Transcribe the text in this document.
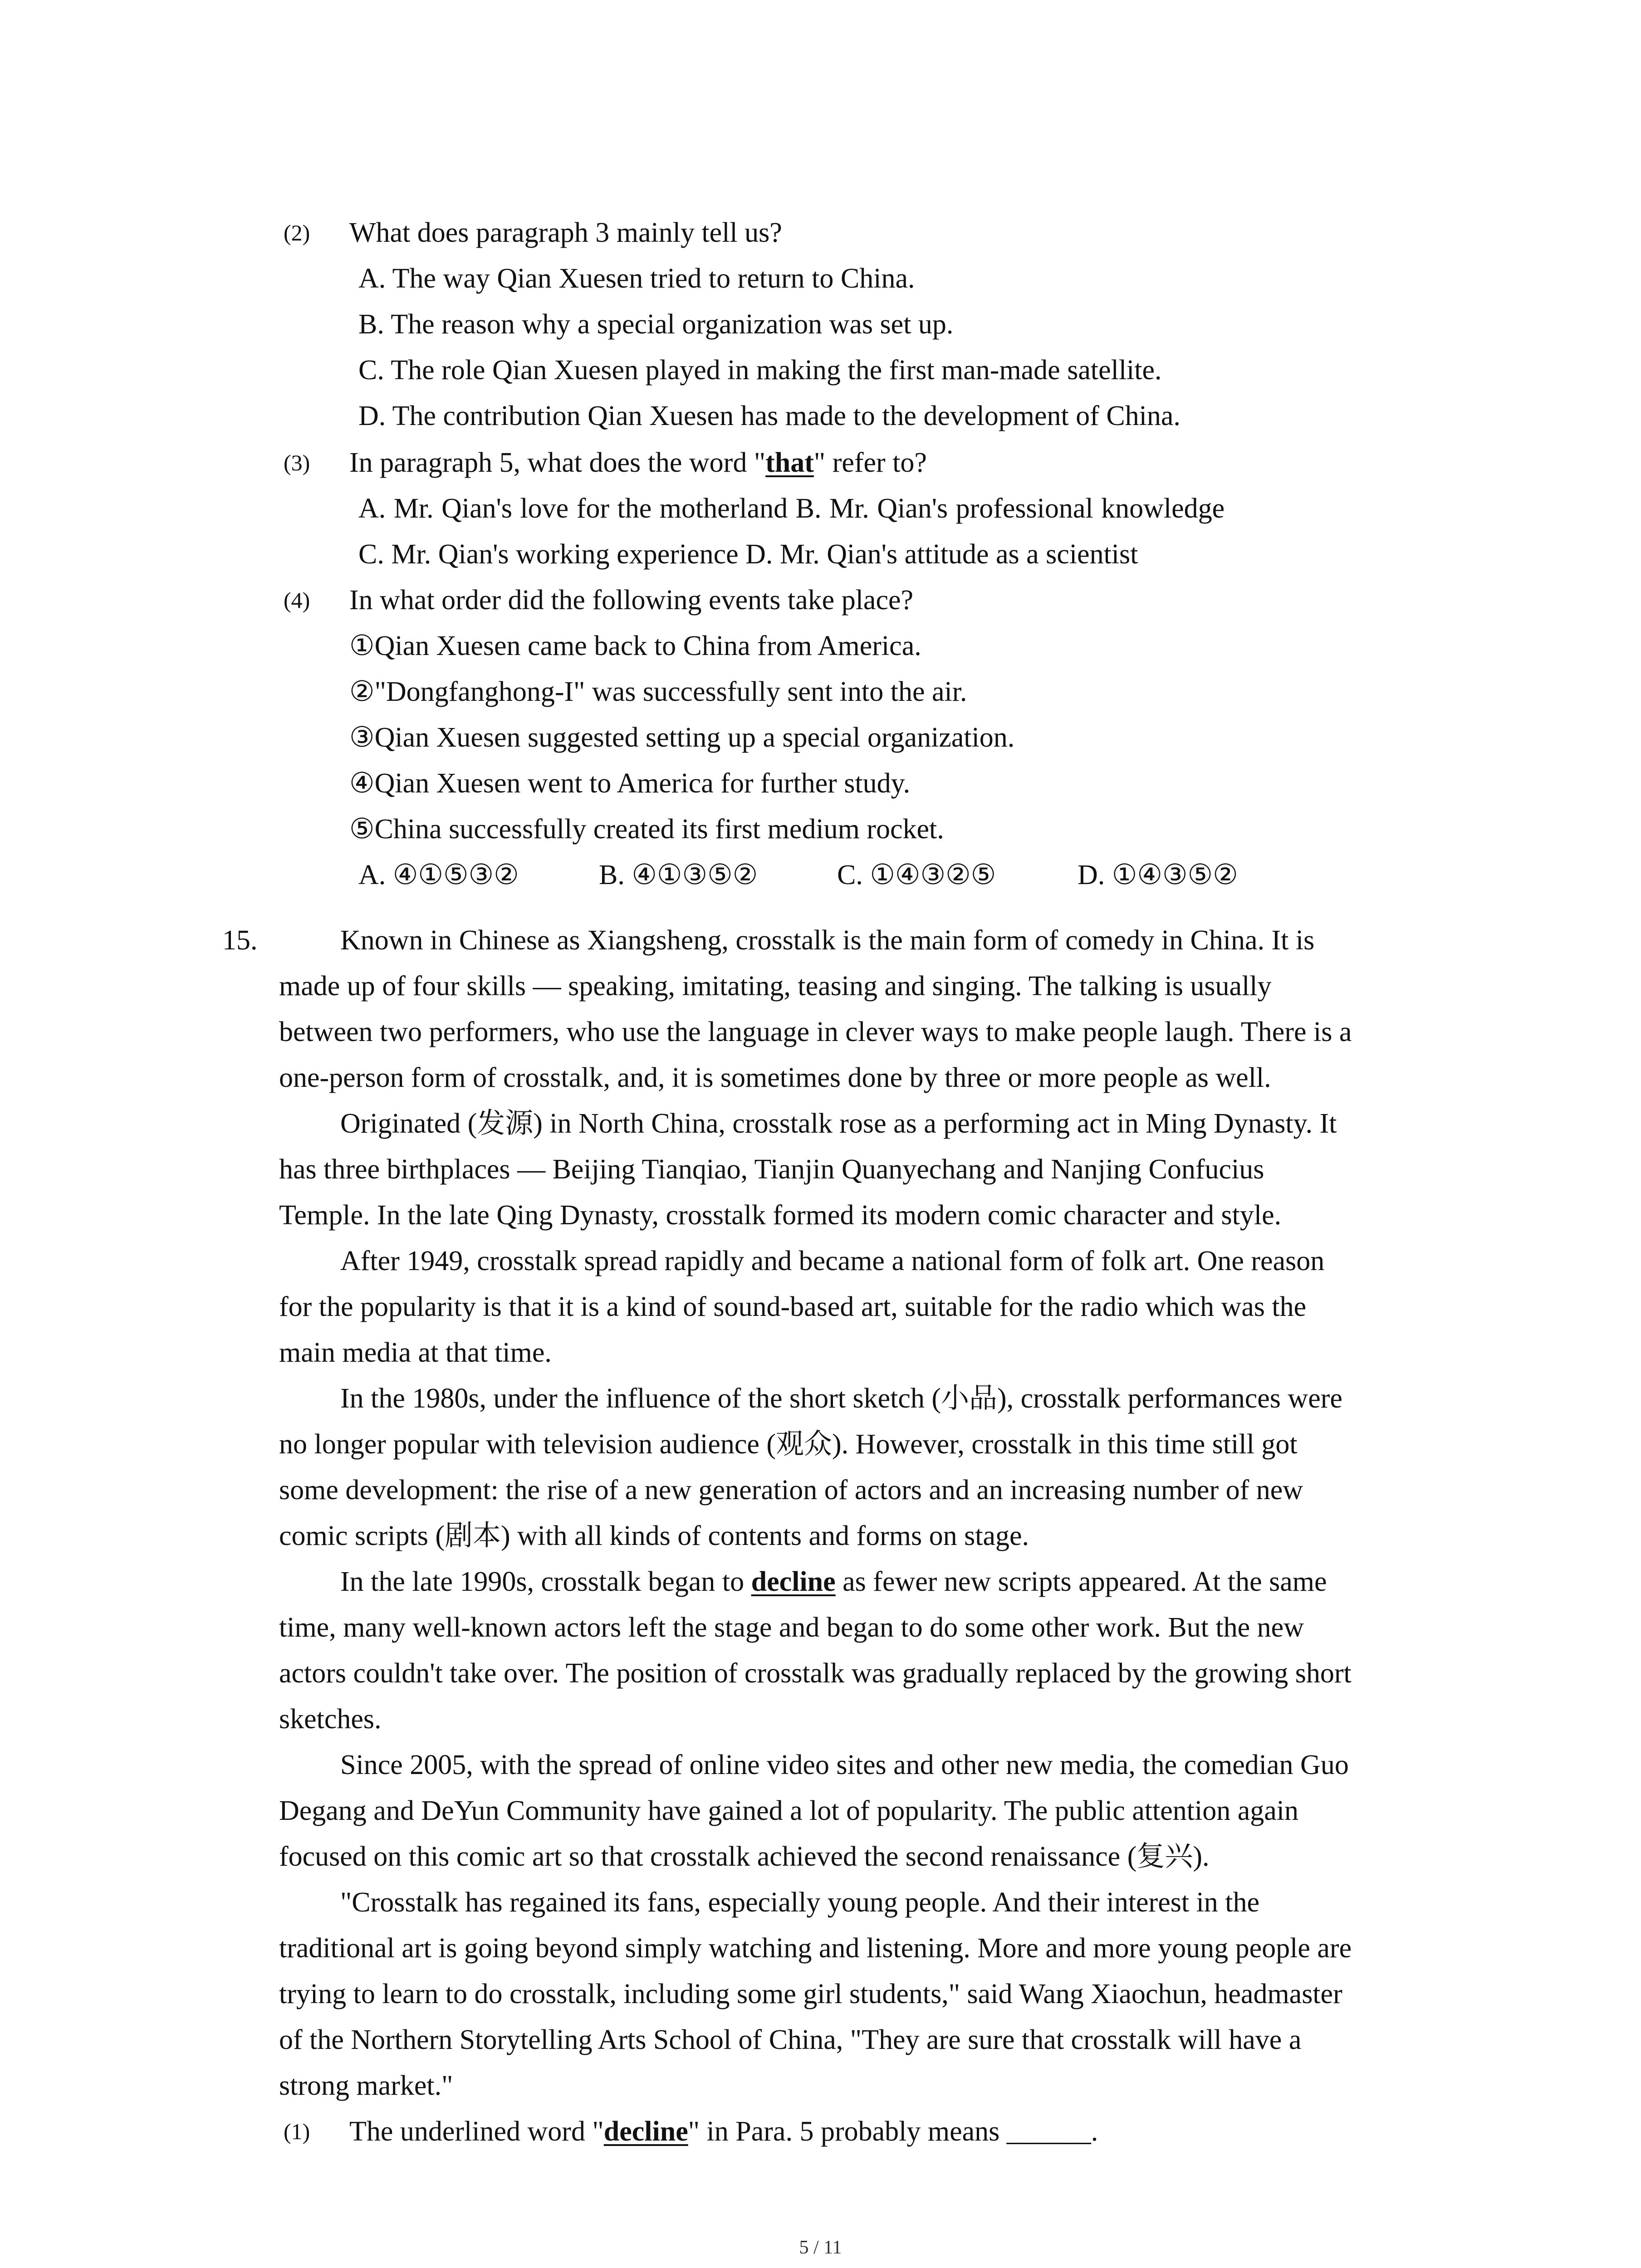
(2) What does paragraph 3 mainly tell us?
A. The way Qian Xuesen tried to return to China.
B. The reason why a special organization was set up.
C. The role Qian Xuesen played in making the first man-made satellite.
D. The contribution Qian Xuesen has made to the development of China.
(3) In paragraph 5, what does the word "that" refer to?
A. Mr. Qian's love for the motherland B. Mr. Qian's professional knowledge
C. Mr. Qian's working experience D. Mr. Qian's attitude as a scientist
(4) In what order did the following events take place?
①Qian Xuesen came back to China from America.
②"Dongfanghong-I" was successfully sent into the air.
③Qian Xuesen suggested setting up a special organization.
④Qian Xuesen went to America for further study.
⑤China successfully created its first medium rocket.
A. ④①⑤③②	B. ④①③⑤②	C. ①④③②⑤	D. ①④③⑤②
15.	Known in Chinese as Xiangsheng, crosstalk is the main form of comedy in China. It is
made up of four skills — speaking, imitating, teasing and singing. The talking is usually
between two performers, who use the language in clever ways to make people laugh. There is a
one-person form of crosstalk, and, it is sometimes done by three or more people as well.
Originated (发源) in North China, crosstalk rose as a performing act in Ming Dynasty. It
has three birthplaces — Beijing Tianqiao, Tianjin Quanyechang and Nanjing Confucius
Temple. In the late Qing Dynasty, crosstalk formed its modern comic character and style.
After 1949, crosstalk spread rapidly and became a national form of folk art. One reason
for the popularity is that it is a kind of sound-based art, suitable for the radio which was the
main media at that time.
In the 1980s, under the influence of the short sketch (小品), crosstalk performances were
no longer popular with television audience (观众). However, crosstalk in this time still got
some development: the rise of a new generation of actors and an increasing number of new
comic scripts (剧本) with all kinds of contents and forms on stage.
In the late 1990s, crosstalk began to decline as fewer new scripts appeared. At the same
time, many well-known actors left the stage and began to do some other work. But the new
actors couldn't take over. The position of crosstalk was gradually replaced by the growing short
sketches.
Since 2005, with the spread of online video sites and other new media, the comedian Guo
Degang and DeYun Community have gained a lot of popularity. The public attention again
focused on this comic art so that crosstalk achieved the second renaissance (复兴).
"Crosstalk has regained its fans, especially young people. And their interest in the
traditional art is going beyond simply watching and listening. More and more young people are
trying to learn to do crosstalk, including some girl students," said Wang Xiaochun, headmaster
of the Northern Storytelling Arts School of China, "They are sure that crosstalk will have a
strong market."
(1) The underlined word "decline" in Para. 5 probably means ______.
5 / 11
